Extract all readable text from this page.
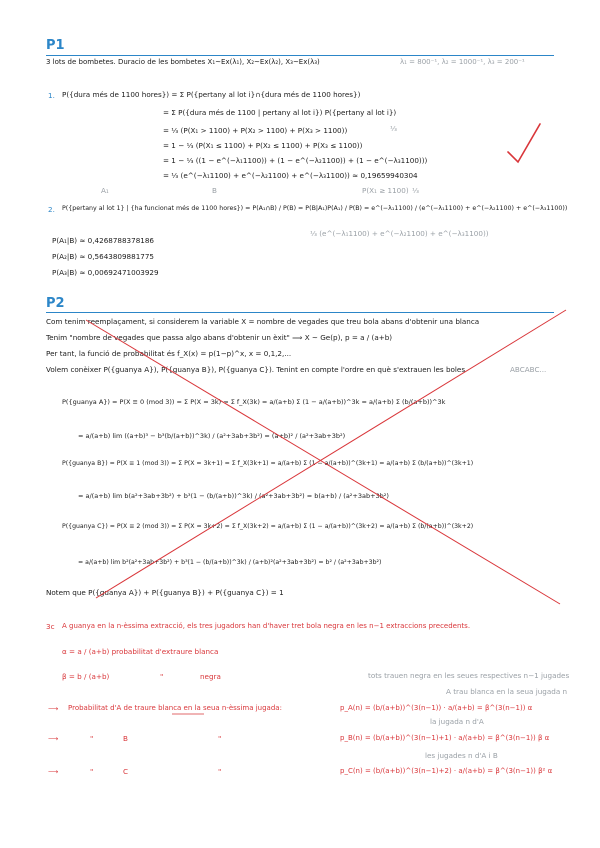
P1
3 lots de bombetes. Duracio de les bombetes X₁~Ex(λ₁), X₂~Ex(λ₂), X₃~Ex(λ₃)	λ₁ = 800⁻¹, λ₂ = 1000⁻¹, λ₃ = 200⁻¹
1. P({dura més de 1100 hores}) = Σ P({pertany al lot i}∩{dura més de 1100 hores})
= Σ P({dura més de 1100 | pertany al lot i}) P({pertany al lot i})
= ⅓ (P(X₁ > 1100) + P(X₂ > 1100) + P(X₃ > 1100))
= 1 − ⅓ (P(X₁ ≤ 1100) + P(X₂ ≤ 1100) + P(X₃ ≤ 1100))
= 1 − ⅓ ((1 − e^(−λ₁1100)) + (1 − e^(−λ₂1100)) + (1 − e^(−λ₃1100)))
= ⅓ (e^(−λ₁1100) + e^(−λ₂1100) + e^(−λ₃1100)) ≈ 0,19659940304
⅓
A₁	B	P(X₁ ≥ 1100) ⅓
2. P({pertany al lot 1} | {ha funcionat més de 1100 hores}) = P(A₁∩B) / P(B) = P(B|A₁)P(A₁) / P(B) = e^(−λ₁1100) / (e^(−λ₁1100) + e^(−λ₂1100) + e^(−λ₃1100))
⅓ (e^(−λ₁1100) + e^(−λ₂1100) + e^(−λ₃1100))
P(A₁|B) ≈ 0,4268788378186
P(A₂|B) ≈ 0,5643809881775
P(A₃|B) ≈ 0,00692471003929
P2
Com tenim reemplaçament, si considerem la variable X = nombre de vegades que treu bola abans d'obtenir una blanca
Tenim "nombre de vegades que passa algo abans d'obtenir un èxit" ⟹ X ~ Ge(p), p = a / (a+b)
Per tant, la funció de probabilitat és f_X(x) = p(1−p)^x, x = 0,1,2,...
Volem conèixer P({guanya A}), P({guanya B}), P({guanya C}). Tenint en compte l'ordre en què s'extrauen les boles	ABCABC...
P({guanya A}) = P(X ≡ 0 (mod 3)) = Σ P(X = 3k) = Σ f_X(3k) = a/(a+b) Σ (1 − a/(a+b))^3k = a/(a+b) Σ (b/(a+b))^3k
= a/(a+b) lim ((a+b)³ − b³(b/(a+b))^3k) / (a²+3ab+3b²) = (a+b)² / (a²+3ab+3b²)
P({guanya B}) = P(X ≡ 1 (mod 3)) = Σ P(X = 3k+1) = Σ f_X(3k+1) = a/(a+b) Σ (1 − a/(a+b))^(3k+1) = a/(a+b) Σ (b/(a+b))^(3k+1)
= a/(a+b) lim b(a²+3ab+3b²) + b³(1 − (b/(a+b))^3k) / (a²+3ab+3b²) = b(a+b) / (a²+3ab+3b²)
P({guanya C}) = P(X ≡ 2 (mod 3)) = Σ P(X = 3k+2) = Σ f_X(3k+2) = a/(a+b) Σ (1 − a/(a+b))^(3k+2) = a/(a+b) Σ (b/(a+b))^(3k+2)
= a/(a+b) lim b²(a²+3ab+3b²) + b³(1 − (b/(a+b))^3k) / (a+b)²(a²+3ab+3b²) = b² / (a²+3ab+3b²)
Notem que P({guanya A}) + P({guanya B}) + P({guanya C}) = 1
3c A guanya en la n-èssima extracció, els tres jugadors han d'haver tret bola negra en les n−1 extraccions precedents.
α = a / (a+b) probabilitat d'extraure blanca
β = b / (a+b)	"	negra	tots trauen negra en les seues respectives n−1 jugades
A trau blanca en la seua jugada n
⟶ Probabilitat d'A de traure blanca en la seua n-èssima jugada:	p_A(n) = (b/(a+b))^(3(n−1)) · a/(a+b) = β^(3(n−1)) α
la jugada n d'A
⟶	"	B	"	p_B(n) = (b/(a+b))^(3(n−1)+1) · a/(a+b) = β^(3(n−1)) β α
les jugades n d'A i B
⟶	"	C	"	p_C(n) = (b/(a+b))^(3(n−1)+2) · a/(a+b) = β^(3(n−1)) β² α
